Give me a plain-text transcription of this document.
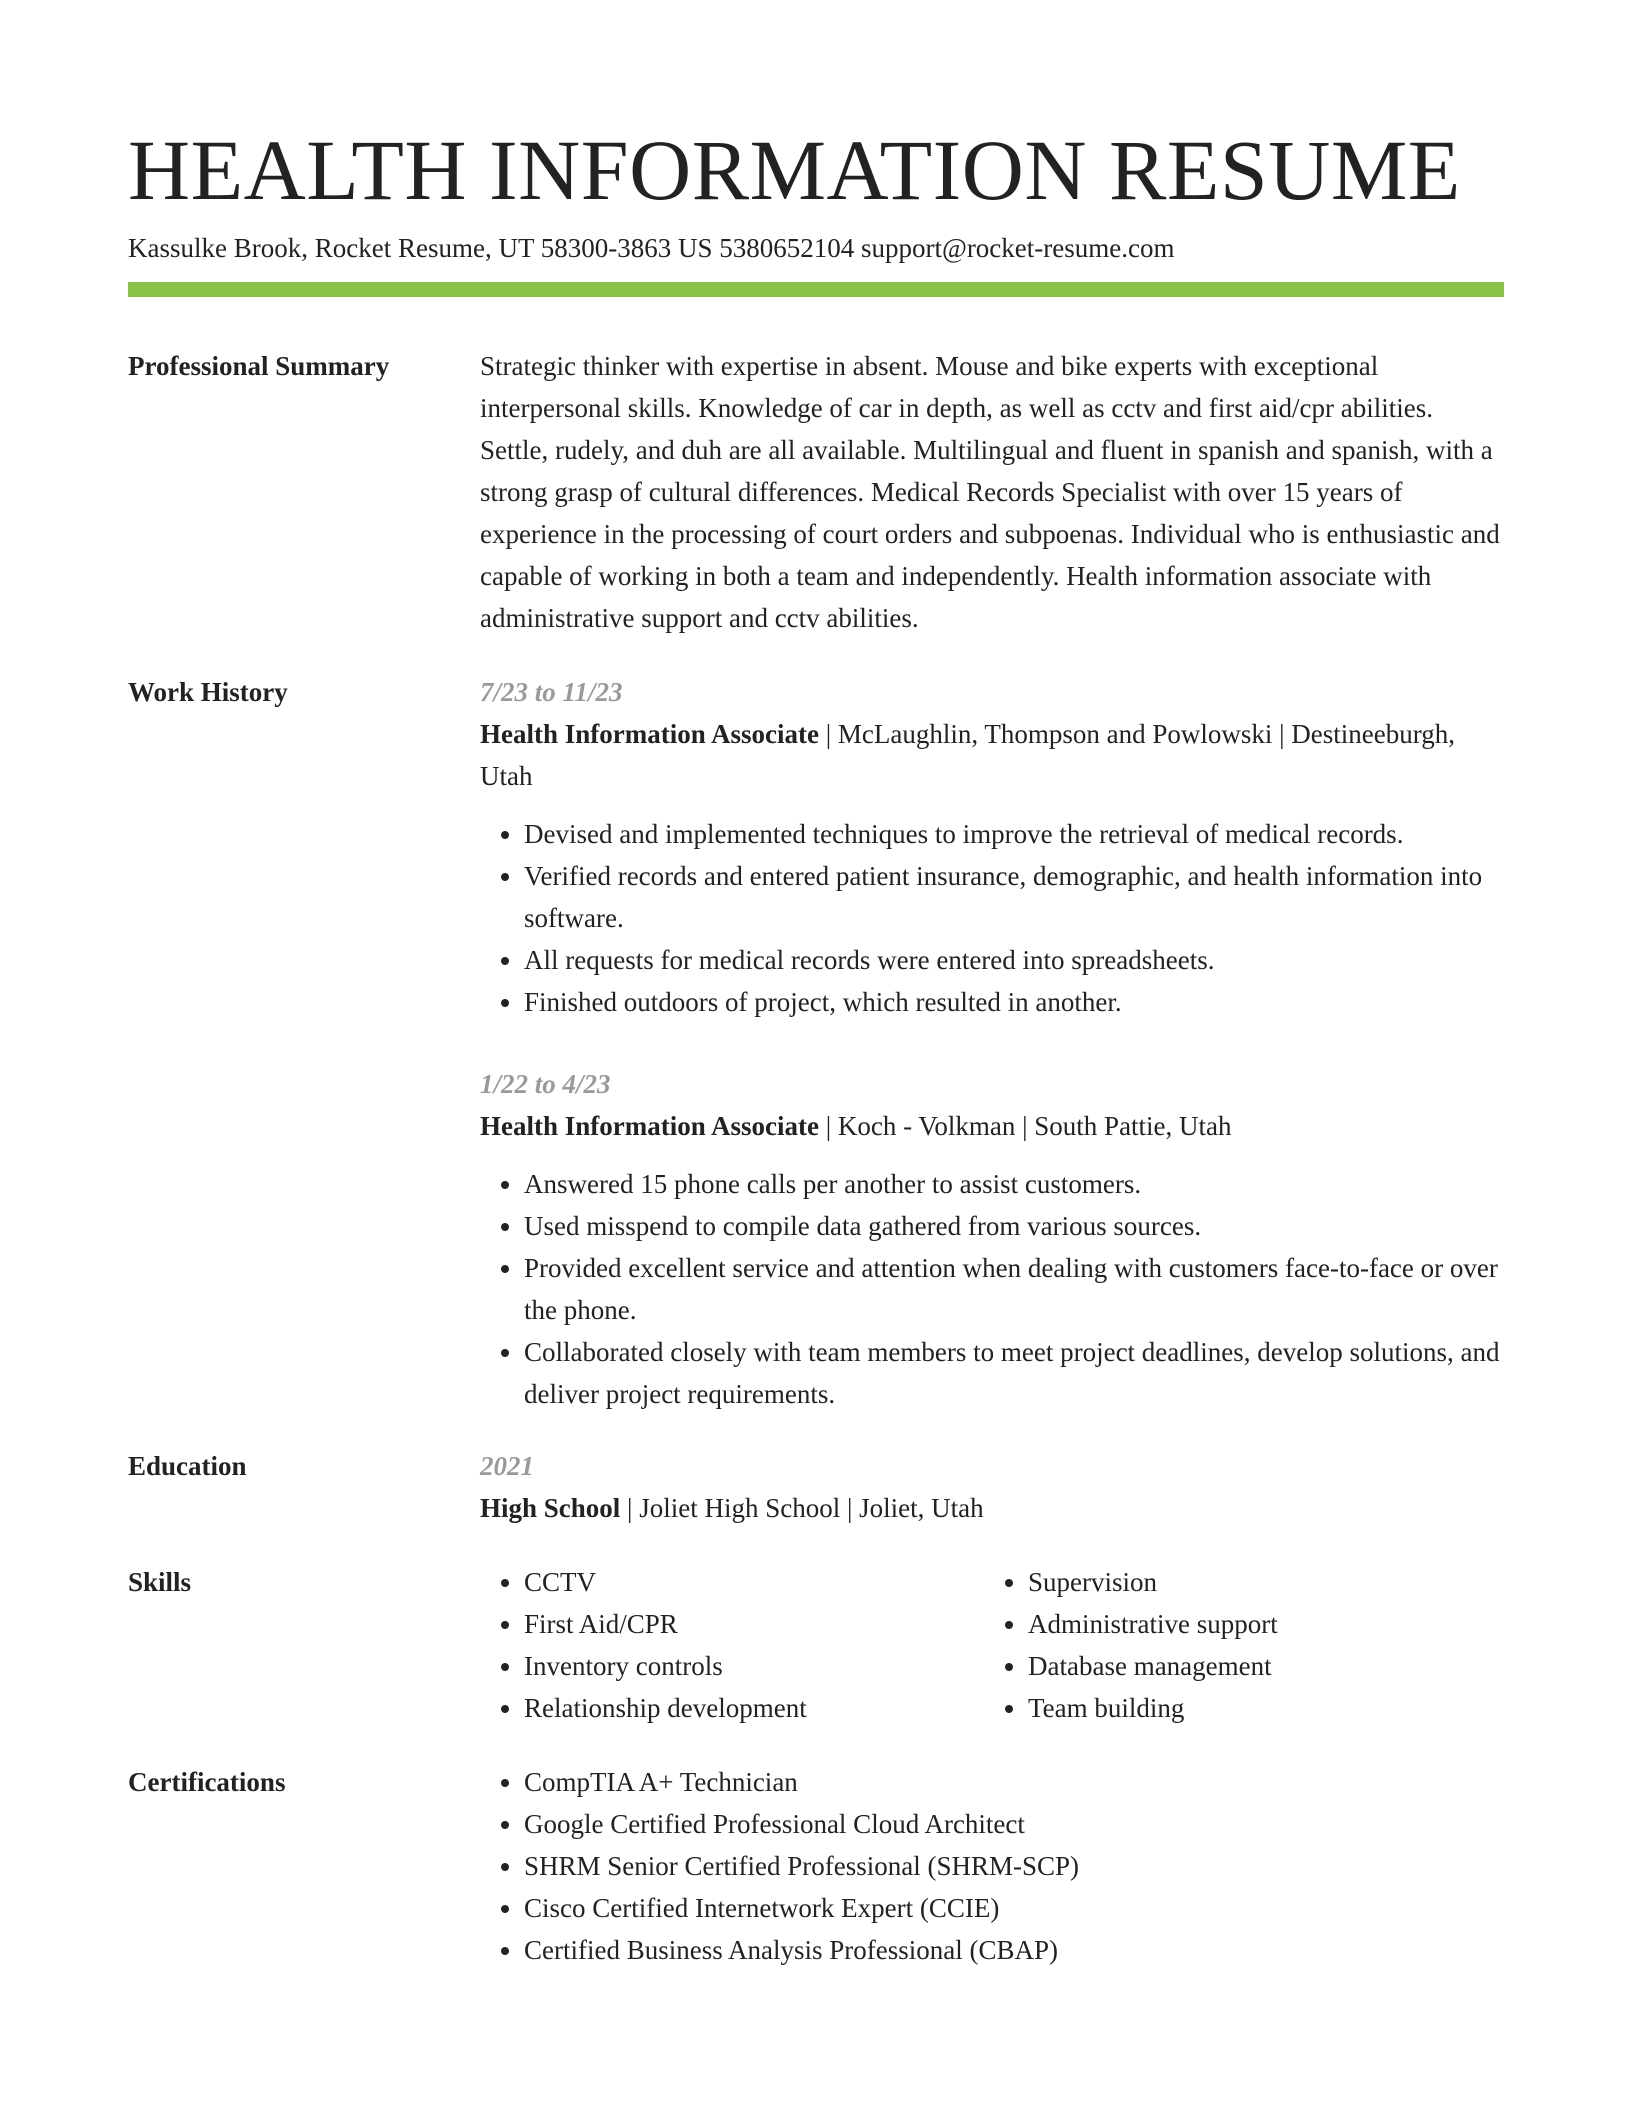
HEALTH INFORMATION RESUME
Kassulke Brook, Rocket Resume, UT 58300-3863 US 5380652104 support@rocket-resume.com
Professional Summary	Strategic thinker with expertise in absent. Mouse and bike experts with exceptional interpersonal skills. Knowledge of car in depth, as well as cctv and first aid/cpr abilities. Settle, rudely, and duh are all available. Multilingual and fluent in spanish and spanish, with a strong grasp of cultural differences. Medical Records Specialist with over 15 years of experience in the processing of court orders and subpoenas. Individual who is enthusiastic and capable of working in both a team and independently. Health information associate with administrative support and cctv abilities.
Work History	7/23 to 11/23
Health Information Associate | McLaughlin, Thompson and Powlowski | Destineeburgh, Utah
• Devised and implemented techniques to improve the retrieval of medical records.
• Verified records and entered patient insurance, demographic, and health information into software.
• All requests for medical records were entered into spreadsheets.
• Finished outdoors of project, which resulted in another.
1/22 to 4/23
Health Information Associate | Koch - Volkman | South Pattie, Utah
• Answered 15 phone calls per another to assist customers.
• Used misspend to compile data gathered from various sources.
• Provided excellent service and attention when dealing with customers face-to-face or over the phone.
• Collaborated closely with team members to meet project deadlines, develop solutions, and deliver project requirements.
Education	2021
High School | Joliet High School | Joliet, Utah
Skills	• CCTV
• First Aid/CPR
• Inventory controls
• Relationship development
• Supervision
• Administrative support
• Database management
• Team building
Certifications	• CompTIA A+ Technician
• Google Certified Professional Cloud Architect
• SHRM Senior Certified Professional (SHRM-SCP)
• Cisco Certified Internetwork Expert (CCIE)
• Certified Business Analysis Professional (CBAP)
